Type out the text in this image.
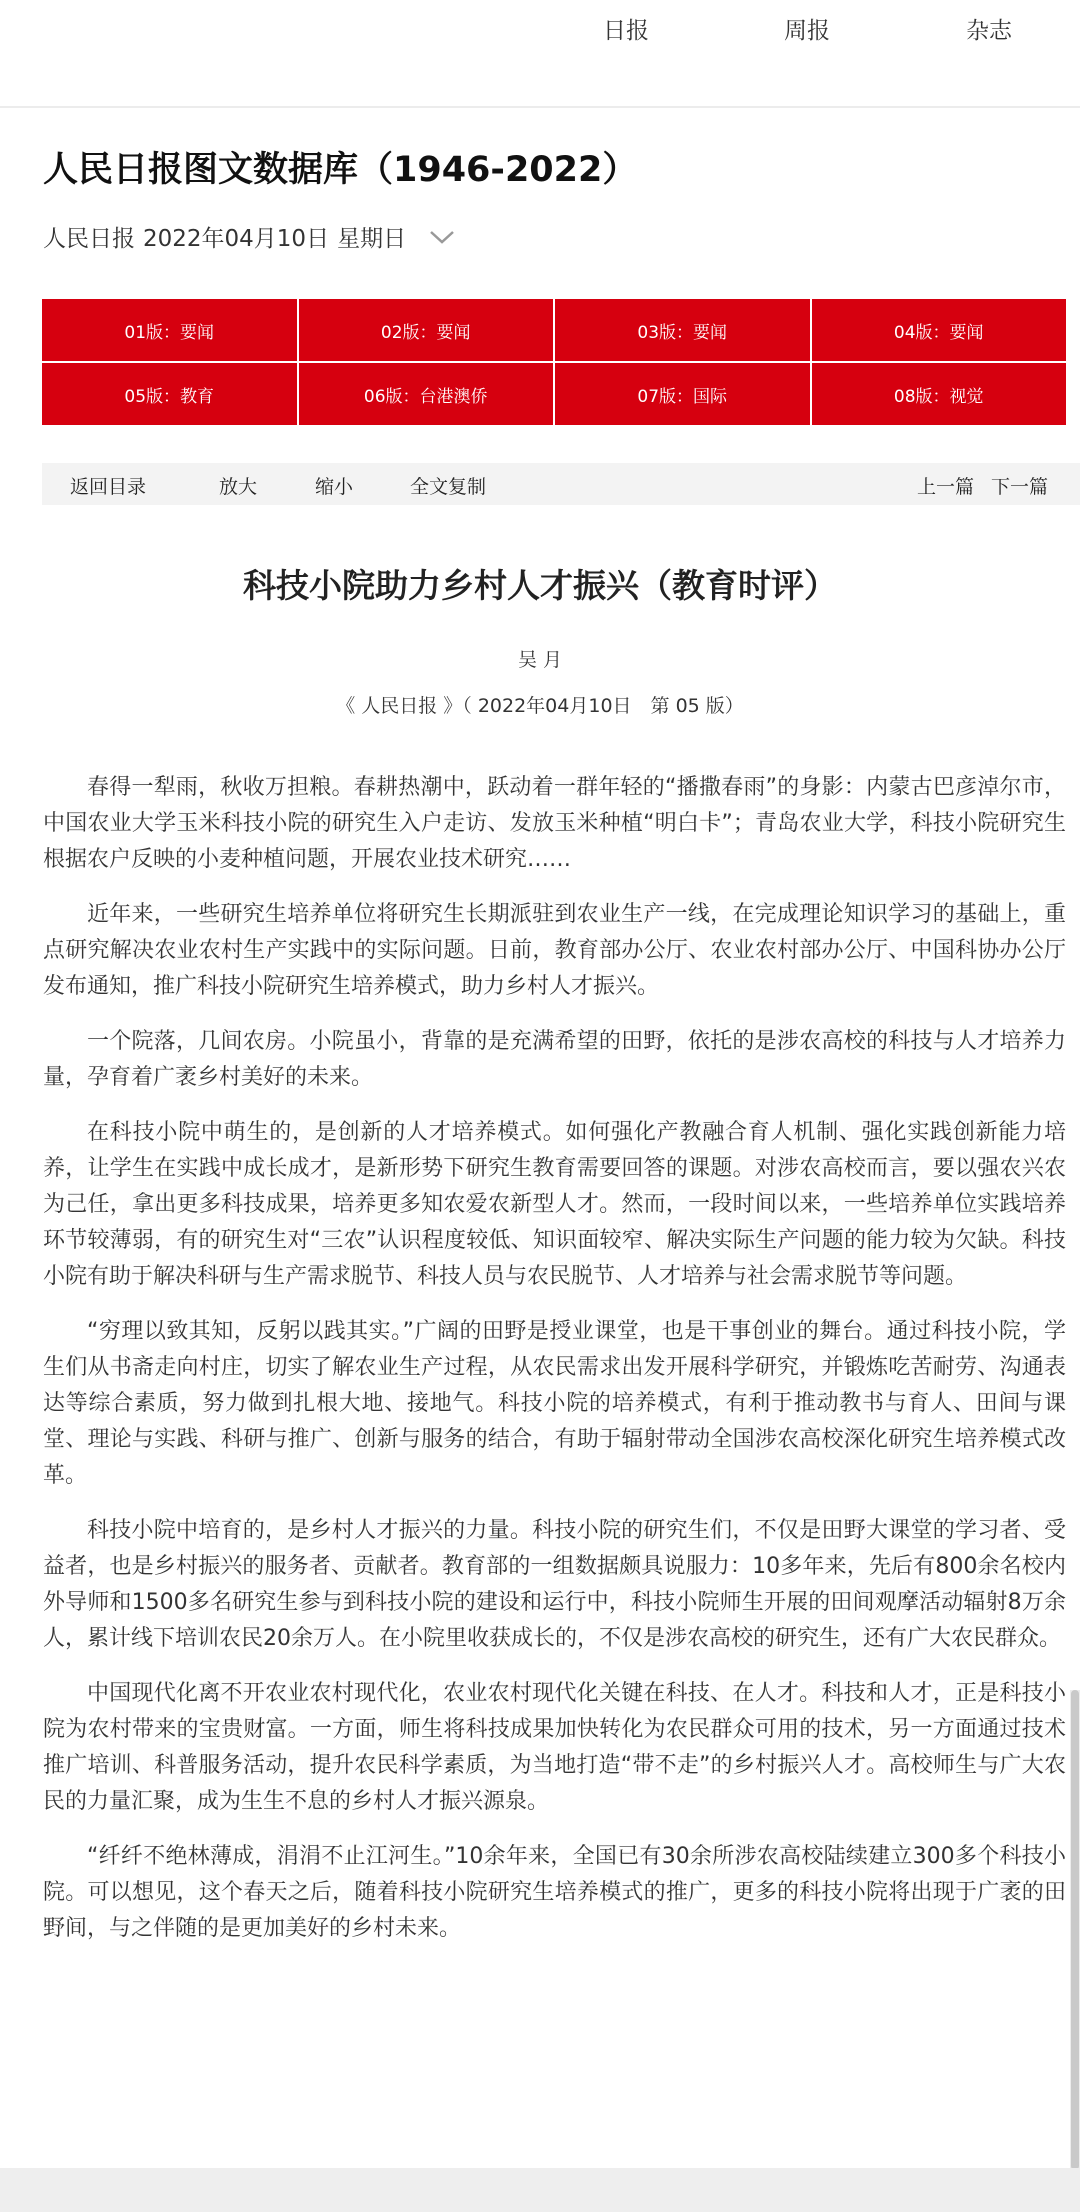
日报	周报	杂志
人民日报图文数据库（1946-2022）
人民日报 2022年04月10日 星期日
01版：要闻	02版：要闻	03版：要闻	04版：要闻
05版：教育	06版：台港澳侨	07版：国际	08版：视觉
返回目录	放大	缩小	全文复制	上一篇 下一篇
科技小院助力乡村人才振兴（教育时评）
吴 月
《 人民日报 》（ 2022年04月10日　第 05 版）

春得一犁雨，秋收万担粮。春耕热潮中，跃动着一群年轻的“播撒春雨”的身影：内蒙古巴彦淖尔市，中国农业大学玉米科技小院的研究生入户走访、发放玉米种植“明白卡”；青岛农业大学，科技小院研究生根据农户反映的小麦种植问题，开展农业技术研究……

近年来，一些研究生培养单位将研究生长期派驻到农业生产一线，在完成理论知识学习的基础上，重点研究解决农业农村生产实践中的实际问题。日前，教育部办公厅、农业农村部办公厅、中国科协办公厅发布通知，推广科技小院研究生培养模式，助力乡村人才振兴。

一个院落，几间农房。小院虽小，背靠的是充满希望的田野，依托的是涉农高校的科技与人才培养力量，孕育着广袤乡村美好的未来。

在科技小院中萌生的，是创新的人才培养模式。如何强化产教融合育人机制、强化实践创新能力培养，让学生在实践中成长成才，是新形势下研究生教育需要回答的课题。对涉农高校而言，要以强农兴农为己任，拿出更多科技成果，培养更多知农爱农新型人才。然而，一段时间以来，一些培养单位实践培养环节较薄弱，有的研究生对“三农”认识程度较低、知识面较窄、解决实际生产问题的能力较为欠缺。科技小院有助于解决科研与生产需求脱节、科技人员与农民脱节、人才培养与社会需求脱节等问题。

“穷理以致其知，反躬以践其实。”广阔的田野是授业课堂，也是干事创业的舞台。通过科技小院，学生们从书斋走向村庄，切实了解农业生产过程，从农民需求出发开展科学研究，并锻炼吃苦耐劳、沟通表达等综合素质，努力做到扎根大地、接地气。科技小院的培养模式，有利于推动教书与育人、田间与课堂、理论与实践、科研与推广、创新与服务的结合，有助于辐射带动全国涉农高校深化研究生培养模式改革。

科技小院中培育的，是乡村人才振兴的力量。科技小院的研究生们，不仅是田野大课堂的学习者、受益者，也是乡村振兴的服务者、贡献者。教育部的一组数据颇具说服力：10多年来，先后有800余名校内外导师和1500多名研究生参与到科技小院的建设和运行中，科技小院师生开展的田间观摩活动辐射8万余人，累计线下培训农民20余万人。在小院里收获成长的，不仅是涉农高校的研究生，还有广大农民群众。

中国现代化离不开农业农村现代化，农业农村现代化关键在科技、在人才。科技和人才，正是科技小院为农村带来的宝贵财富。一方面，师生将科技成果加快转化为农民群众可用的技术，另一方面通过技术推广培训、科普服务活动，提升农民科学素质，为当地打造“带不走”的乡村振兴人才。高校师生与广大农民的力量汇聚，成为生生不息的乡村人才振兴源泉。

“纤纤不绝林薄成，涓涓不止江河生。”10余年来，全国已有30余所涉农高校陆续建立300多个科技小院。可以想见，这个春天之后，随着科技小院研究生培养模式的推广，更多的科技小院将出现于广袤的田野间，与之伴随的是更加美好的乡村未来。
